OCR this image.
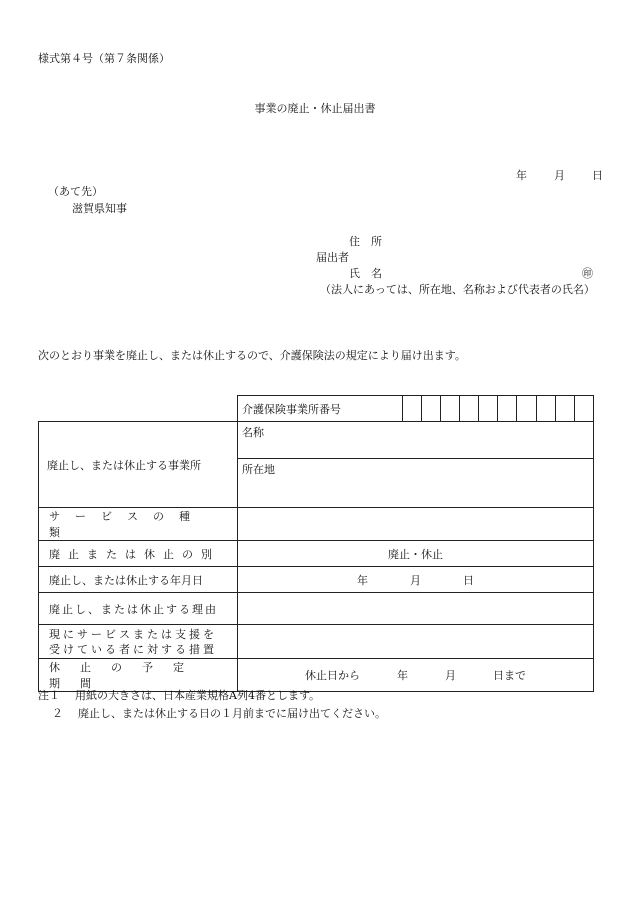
様式第４号（第７条関係）
事業の廃止・休止届出書
年 月 日
（あて先）
滋賀県知事
住　所
届出者
氏　名	㊞
（法人にあっては、所在地、名称および代表者の氏名）
次のとおり事業を廃止し、または休止するので、介護保険法の規定により届け出ます。
	介護保険事業所番号	

廃止し、または休止する事業所	名称
所在地	

サービスの種類		

廃止または休止の別	廃止・休止	
廃止し、または休止する年月日	年 月 日	

廃止し、または休止する理由		

現にサービスまたは支援を
受けている者に対する措置		

休止の予定期間	休止日から 年 月 日まで	
注１ 用紙の大きさは、日本産業規格A列4番とします。
２ 廃止し、または休止する日の１月前までに届け出てください。
